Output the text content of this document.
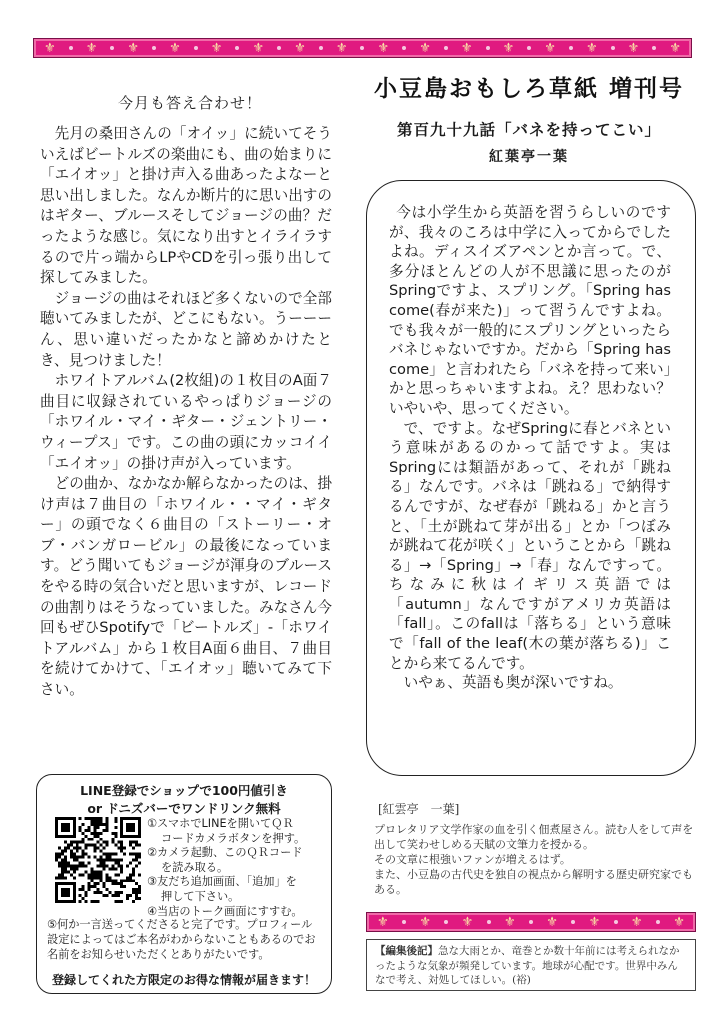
⚜ ⚜ ⚜ ⚜ ⚜ ⚜ ⚜ ⚜ ⚜ ⚜ ⚜ ⚜ ⚜ ⚜ ⚜ ⚜
今月も答え合わせ！

先月の桑田さんの「オイッ」に続いてそういえばビートルズの楽曲にも、曲の始まりに「エイオッ」と掛け声入る曲あったよなーと思い出しました。なんか断片的に思い出すのはギター、ブルースそしてジョージの曲？だったような感じ。気になり出すとイライラするので片っ端からLPやCDを引っ張り出して探してみました。

ジョージの曲はそれほど多くないので全部聴いてみましたが、どこにもない。うーーーん、思い違いだったかなと諦めかけたとき、見つけました！

ホワイトアルバム(2枚組)の１枚目のA面７曲目に収録されているやっぱりジョージの「ホワイル・マイ・ギター・ジェントリー・ウィープス」です。この曲の頭にカッコイイ「エイオッ」の掛け声が入っています。

どの曲か、なかなか解らなかったのは、掛け声は７曲目の「ホワイル・・マイ・ギター」の頭でなく６曲目の「ストーリー・オブ・バンガロービル」の最後になっています。どう聞いてもジョージが渾身のブルースをやる時の気合いだと思いますが、レコードの曲割りはそうなっていました。みなさん今回もぜひSpotifyで「ビートルズ」-「ホワイトアルバム」から１枚目A面６曲目、７曲目を続けてかけて、「エイオッ」聴いてみて下さい。

小豆島おもしろ草紙 増刊号
第百九十九話「バネを持ってこい」
紅葉亭一葉

今は小学生から英語を習うらしいのですが、我々のころは中学に入ってからでしたよね。ディスイズアペンとか言って。で、多分ほとんどの人が不思議に思ったのがSpringですよ、スプリング。「Spring has come(春が来た)」って習うんですよね。でも我々が一般的にスプリングといったらバネじゃないですか。だから「Spring has come」と言われたら「バネを持って来い」かと思っちゃいますよね。え？思わない？いやいや、思ってください。

で、ですよ。なぜSpringに春とバネという意味があるのかって話ですよ。実はSpringには類語があって、それが「跳ねる」なんです。バネは「跳ねる」で納得するんですが、なぜ春が「跳ねる」かと言うと、「土が跳ねて芽が出る」とか「つぼみが跳ねて花が咲く」ということから「跳ねる」→「Spring」→「春」なんですって。ちなみに秋はイギリス英語では「autumn」なんですがアメリカ英語は「fall」。このfallは「落ちる」という意味で「fall of the leaf(木の葉が落ちる)」ことから来てるんです。

いやぁ、英語も奥が深いですね。

[紅雲亭　一葉]

プロレタリア文学作家の血を引く佃煮屋さん。読む人をして声を出して笑わせしめる天賦の文筆力を授かる。

その文章に根強いファンが増えるはず。

また、小豆島の古代史を独自の視点から解明する歴史研究家でもある。

⚜ ⚜ ⚜ ⚜ ⚜ ⚜ ⚜ ⚜
【編集後記】急な大雨とか、竜巻とか数十年前には考えられなかったような気象が頻発しています。地球が心配です。世界中みんなで考え、対処してほしい。(裕)
LINE登録でショップで100円値引き
or ドニズバーでワンドリンク無料

①スマホでLINEを開いてＱＲ

コードカメラボタンを押す。

②カメラ起動、このＱＲコード

を読み取る。

③友だち追加画面、「追加」を

押して下さい。

④当店のトーク画面にすすむ。

⑤何か一言送ってくださると完了です。プロフィール設定によってはご本名がわからないこともあるのでお名前をお知らせいただくとありがたいです。
登録してくれた方限定のお得な情報が届きます！
